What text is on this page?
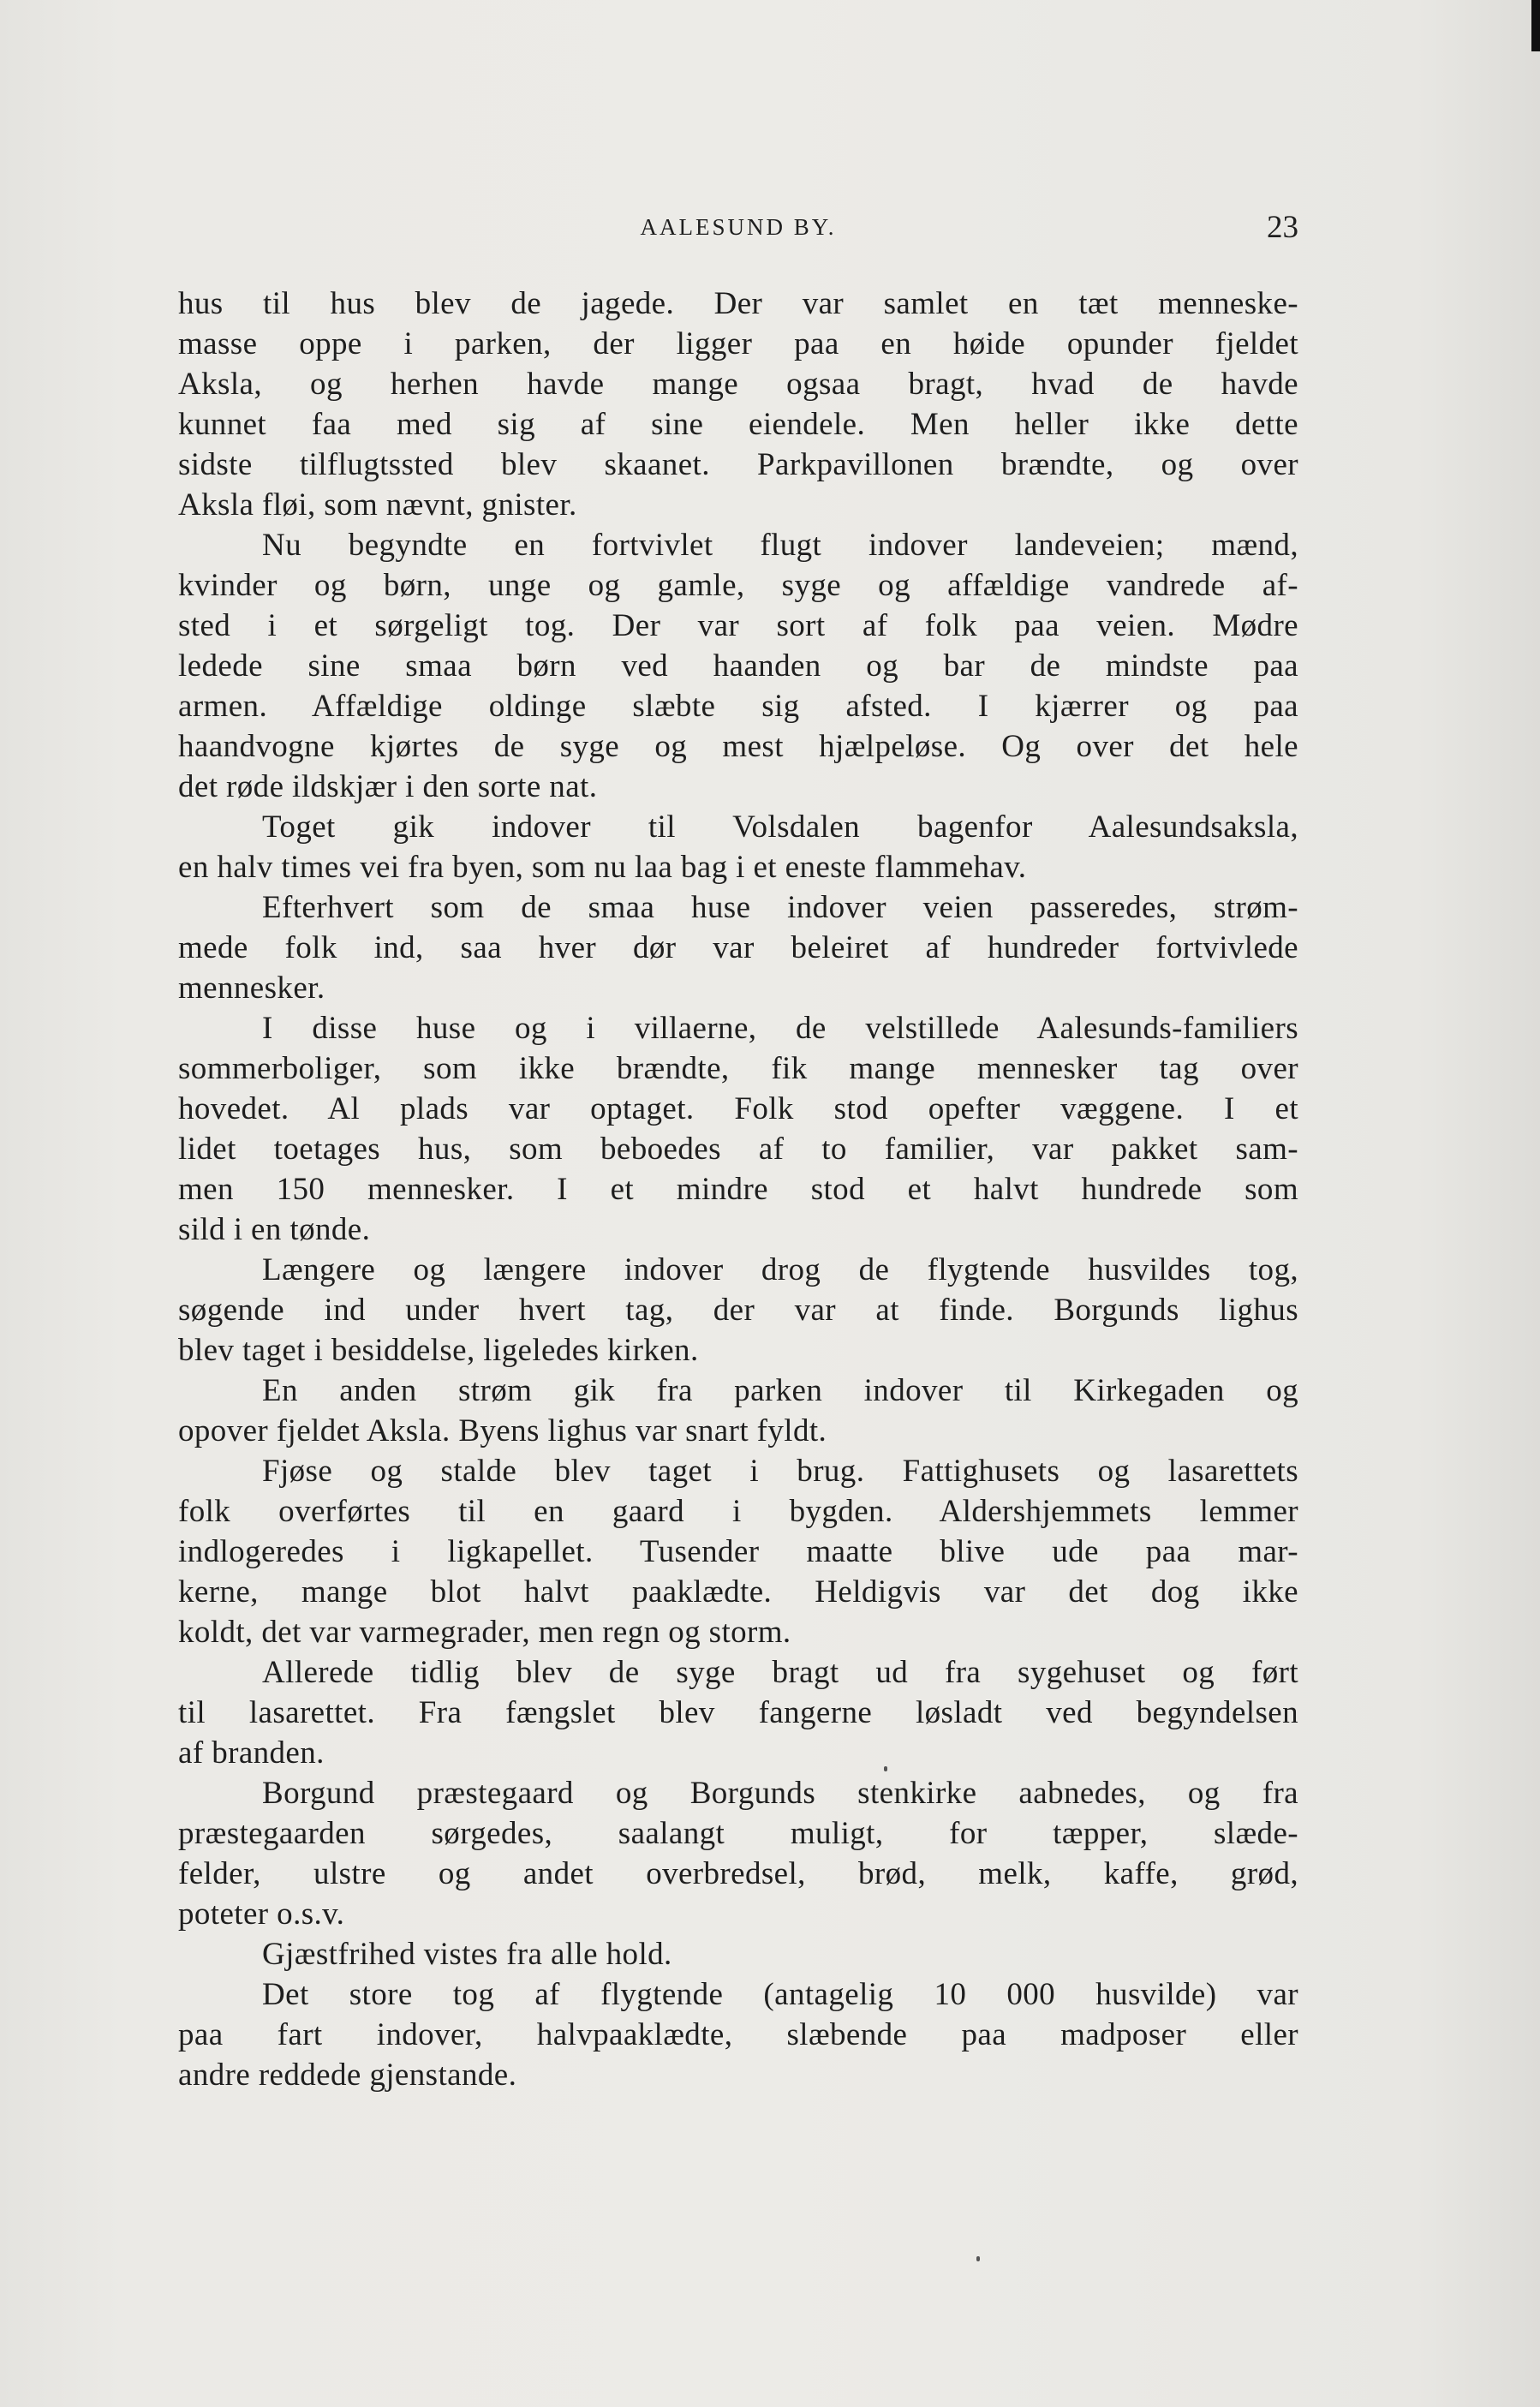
AALESUND BY.	23
hus til hus blev de jagede. Der var samlet en tæt menneske-
masse oppe i parken, der ligger paa en høide opunder fjeldet
Aksla, og herhen havde mange ogsaa bragt, hvad de havde
kunnet faa med sig af sine eiendele. Men heller ikke dette
sidste tilflugtssted blev skaanet. Parkpavillonen brændte, og over
Aksla fløi, som nævnt, gnister.
Nu begyndte en fortvivlet flugt indover landeveien; mænd,
kvinder og børn, unge og gamle, syge og affældige vandrede af-
sted i et sørgeligt tog. Der var sort af folk paa veien. Mødre
ledede sine smaa børn ved haanden og bar de mindste paa
armen. Affældige oldinge slæbte sig afsted. I kjærrer og paa
haandvogne kjørtes de syge og mest hjælpeløse. Og over det hele
det røde ildskjær i den sorte nat.
Toget gik indover til Volsdalen bagenfor Aalesundsaksla,
en halv times vei fra byen, som nu laa bag i et eneste flammehav.
Efterhvert som de smaa huse indover veien passeredes, strøm-
mede folk ind, saa hver dør var beleiret af hundreder fortvivlede
mennesker.
I disse huse og i villaerne, de velstillede Aalesunds-familiers
sommerboliger, som ikke brændte, fik mange mennesker tag over
hovedet. Al plads var optaget. Folk stod opefter væggene. I et
lidet toetages hus, som beboedes af to familier, var pakket sam-
men 150 mennesker. I et mindre stod et halvt hundrede som
sild i en tønde.
Længere og længere indover drog de flygtende husvildes tog,
søgende ind under hvert tag, der var at finde. Borgunds lighus
blev taget i besiddelse, ligeledes kirken.
En anden strøm gik fra parken indover til Kirkegaden og
opover fjeldet Aksla. Byens lighus var snart fyldt.
Fjøse og stalde blev taget i brug. Fattighusets og lasarettets
folk overførtes til en gaard i bygden. Aldershjemmets lemmer
indlogeredes i ligkapellet. Tusender maatte blive ude paa mar-
kerne, mange blot halvt paaklædte. Heldigvis var det dog ikke
koldt, det var varmegrader, men regn og storm.
Allerede tidlig blev de syge bragt ud fra sygehuset og ført
til lasarettet. Fra fængslet blev fangerne løsladt ved begyndelsen
af branden.
Borgund præstegaard og Borgunds stenkirke aabnedes, og fra
præstegaarden sørgedes, saalangt muligt, for tæpper, slæde-
felder, ulstre og andet overbredsel, brød, melk, kaffe, grød,
poteter o.s.v.
Gjæstfrihed vistes fra alle hold.
Det store tog af flygtende (antagelig 10 000 husvilde) var
paa fart indover, halvpaaklædte, slæbende paa madposer eller
andre reddede gjenstande.
